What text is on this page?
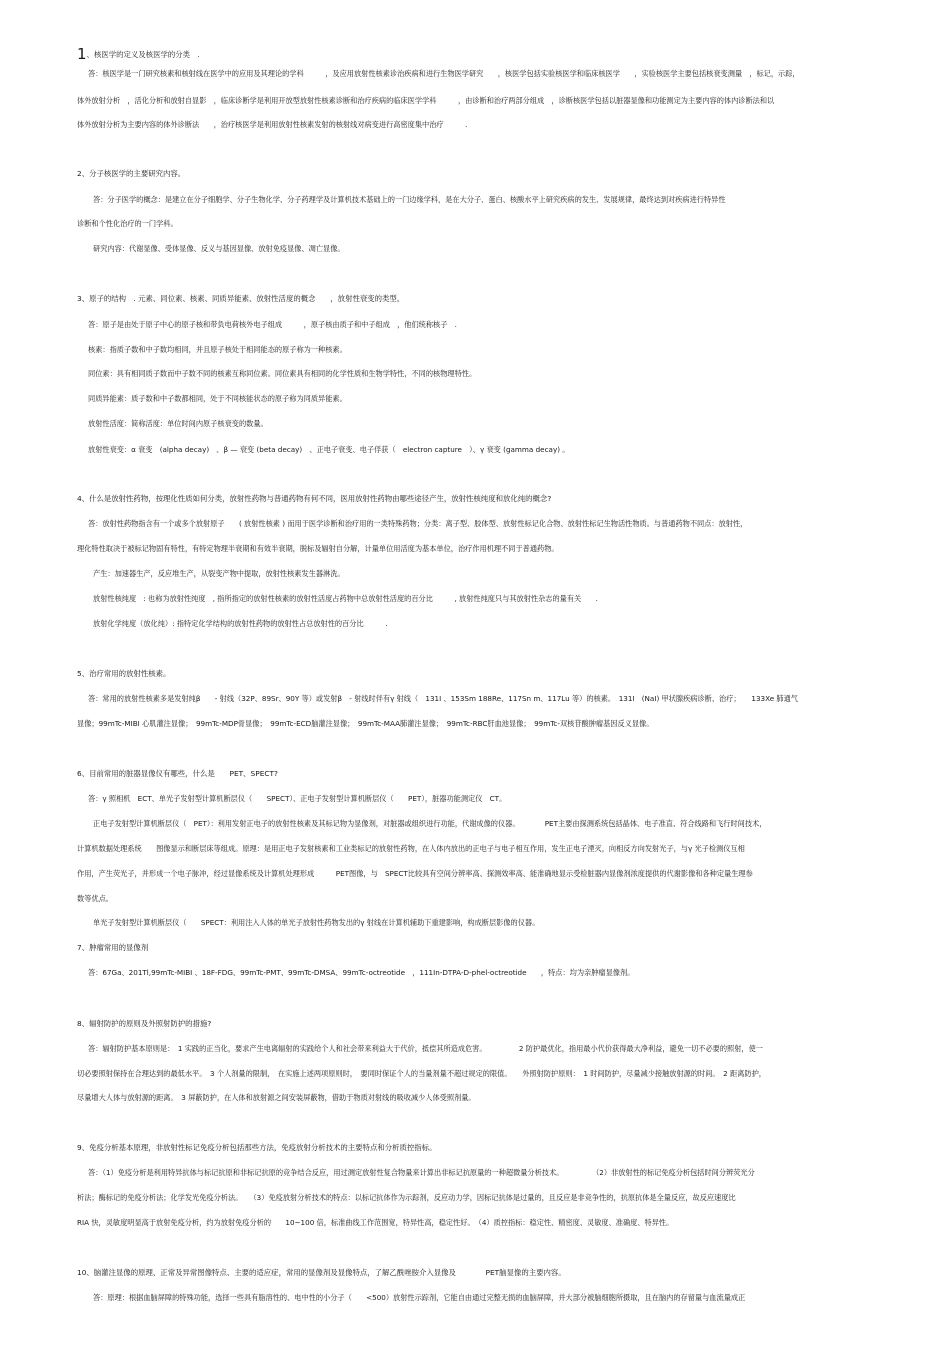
1、核医学的定义及核医学的分类　.
答：核医学是一门研究核素和核射线在医学中的应用及其理论的学科　　　，及应用放射性核素诊治疾病和进行生物医学研究　　，核医学包括实验核医学和临床核医学　　，实验核医学主要包括核衰变测量　，标记，示踪，
体外放射分析　，活化分析和放射自显影　，临床诊断学是利用开放型放射性核素诊断和治疗疾病的临床医学学科　　　，由诊断和治疗两部分组成　，诊断核医学包括以脏器显像和功能测定为主要内容的体内诊断法和以
体外放射分析为主要内容的体外诊断法　　，治疗核医学是利用放射性核素发射的核射线对病变进行高密度集中治疗　　　.
2、分子核医学的主要研究内容。
答：分子医学的概念：是建立在分子细胞学、分子生物化学、分子药理学及计算机技术基础上的一门边缘学科，是在大分子、蛋白、核酸水平上研究疾病的发生、发展规律，最终达到对疾病进行特异性
诊断和个性化治疗的一门学科。
研究内容：代谢显像、受体显像、反义与基因显像、放射免疫显像、凋亡显像。
3、原子的结构　. 元素、同位素、核素、同质异能素、放射性活度的概念　　，放射性衰变的类型。
答：原子是由处于原子中心的原子核和带负电荷核外电子组成　　　，原子核由质子和中子组成　，他们统称核子　.
核素：指质子数和中子数均相同，并且原子核处于相同能态的原子称为一种核素。
同位素：具有相同质子数而中子数不同的核素互称同位素。同位素具有相同的化学性质和生物学特性，不同的核物理特性。
同质异能素：质子数和中子数都相同，处于不同核能状态的原子称为同质异能素。
放射性活度：简称活度：单位时间内原子核衰变的数量。
放射性衰变：α 衰变　(alpha decay)　、β — 衰变 (beta decay)　、正电子衰变、电子俘获（　electron capture　）、γ 衰变 (gamma decay) 。
4、什么是放射性药物，按理化性质如何分类，放射性药物与普通药物有何不同，医用放射性药物由哪些途径产生，放射性核纯度和放化纯的概念?
答：放射性药物指含有一个或多个放射原子　　( 放射性核素 ) 而用于医学诊断和治疗用的一类特殊药物；分类：离子型、胶体型、放射性标记化合物、放射性标记生物活性物质。与普通药物不同点：放射性，
理化特性取决于被标记物固有特性，有特定物理半衰期和有效半衰期，脱标及辐射自分解，计量单位用活度为基本单位，治疗作用机理不同于普通药物。
产生：加速器生产，反应堆生产，从裂变产物中提取，放射性核素发生器淋洗。
放射性核纯度　: 也称为放射性纯度　, 指所指定的放射性核素的放射性活度占药物中总放射性活度的百分比　　　, 放射性纯度只与其放射性杂志的量有关　　.
放射化学纯度（放化纯）: 指特定化学结构的放射性药物的放射性占总放射性的百分比　　　.
5、治疗常用的放射性核素。
答：常用的放射性核素多是发射纯β　　- 射线（32P、89Sr、90Y 等）或发射β　- 射线时伴有γ 射线（　131I 、153Sm 188Re、117Sn m、117Lu 等）的核素。　131I　(NaI) 甲状腺疾病诊断、治疗；　　133Xe 肺通气
显像；99mTc-MIBI 心肌灌注显像；　99mTc-MDP骨显像；　99mTc-ECD脑灌注显像；　99mTc-MAA肺灌注显像；　99mTc-RBC肝血池显像；　99mTc-双核苷酸肿瘤基因反义显像。
6、目前常用的脏器显像仪有哪些，什么是　　PET、SPECT?
答：γ 照相机　ECT、单光子发射型计算机断层仪（　　SPECT）、正电子发射型计算机断层仪（　　PET），脏器功能测定仪　CT。
正电子发射型计算机断层仪（　PET）：利用发射正电子的放射性核素及其标记物为显像剂，对脏器或组织进行功能，代谢成像的仪器。　　　　PET主要由探测系统包括晶体、电子准直、符合线路和飞行时间技术，
计算机数据处理系统　　图像显示和断层床等组成。原理：是用正电子发射核素和工业类标记的放射性药物，在人体内放出的正电子与电子相互作用，发生正电子湮灭，向相反方向发射光子，与γ 光子检测仪互相
作用，产生荧光子，并形成一个电子脉冲，经过显像系统及计算机处理形成　　　PET图像，与　SPECT比较具有空间分辨率高、探测效率高、能准确地显示受检脏器内显像剂浓度提供的代谢影像和各种定量生理参
数等优点。
单光子发射型计算机断层仪（　　SPECT：利用注入人体的单光子放射性药物发出的γ 射线在计算机辅助下重建影响，构成断层影像的仪器。
7、肿瘤常用的显像剂
答：67Ga、201Tl,99mTc-MIBI 、18F-FDG、99mTc-PMT、99mTc-DMSA、99mTc-octreotide　，111In-DTPA-D-phel-octreotide　　，特点：均为亲肿瘤显像剂。
8、辐射防护的原则及外照射防护的措施?
答：辐射防护基本原则是：　1 实践的正当化，要求产生电离辐射的实践给个人和社会带来利益大于代价，抵偿其所造成危害。　　　　　2 防护最优化，指用最小代价获得最大净利益，避免一切不必要的照射，使一
切必要照射保持在合理达到的最低水平。　3 个人剂量的限制，　在实施上述两项原则时，　要同时保证个人的当量剂量不超过规定的限值。　　外照射防护原则：　1 时间防护，尽量减少接触放射源的时间。　2 距离防护，
尽量增大人体与放射源的距离。　3 屏蔽防护，在人体和放射源之间安装屏蔽物，借助于物质对射线的吸收减少人体受照剂量。
9、免疫分析基本原理，非放射性标记免疫分析包括那些方法，免疫放射分析技术的主要特点和分析质控指标。
答：（1）免疫分析是利用特异抗体与标记抗原和非标记抗原的竞争结合反应，用过测定放射性复合物量来计算出非标记抗原量的一种超微量分析技术。　　　　　（2）非放射性的标记免疫分析包括时间分辨荧光分
析法；酶标记的免疫分析法；化学发光免疫分析法。　　（3）免疫放射分析技术的特点：以标记抗体作为示踪剂，反应动力学，因标记抗体是过量的，且反应是非竞争性的，抗原抗体是全量反应，故反应速度比
RIA 快，灵敏度明显高于放射免疫分析，约为放射免疫分析的　　10~100 倍，标准曲线工作范围宽，特异性高，稳定性好。　（4）质控指标：稳定性、精密度、灵敏度、准确度、特异性。
10、脑灌注显像的原理、正常及异常图像特点、主要的适应症，常用的显像剂及显像特点，了解乙酰唑胺介入显像及　　　　PET脑显像的主要内容。
答：原理：根据血脑屏障的特殊功能，选择一些具有脂溶性的、电中性的小分子（　　<500）放射性示踪剂，它能自由通过完整无损的血脑屏障，并大部分被脑细胞所摄取，且在脑内的存留量与血流量成正
